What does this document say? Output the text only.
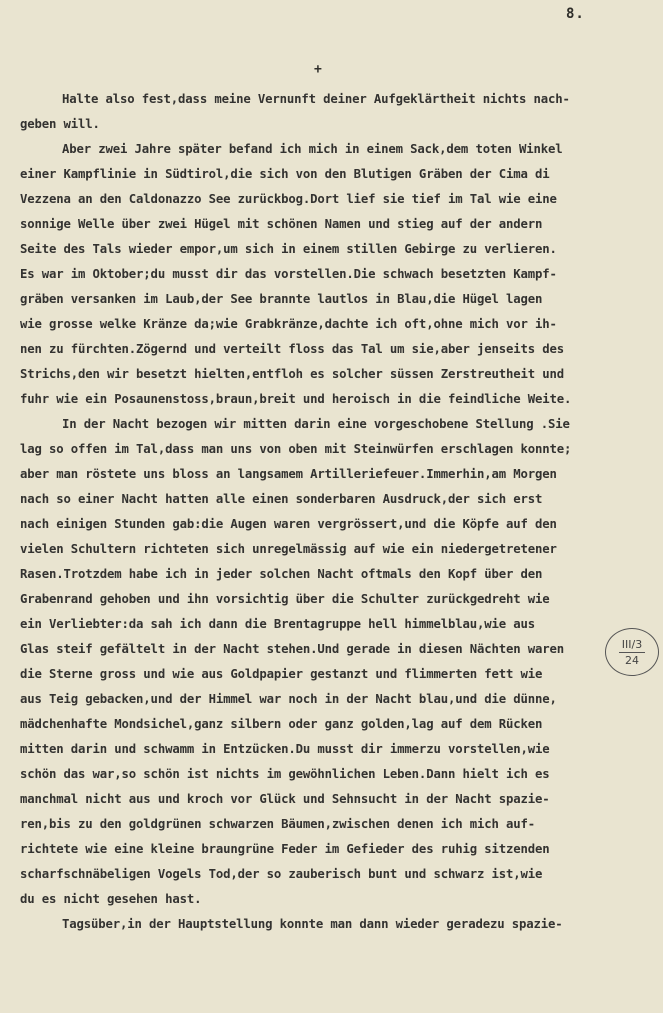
8.
+
Halte also fest,dass meine Vernunft deiner Aufgeklärtheit nichts nach-
geben will.
Aber zwei Jahre später befand ich mich in einem Sack,dem toten Winkel
einer Kampflinie in Südtirol,die sich von den Blutigen Gräben der Cima di
Vezzena an den Caldonazzo See zurückbog.Dort lief sie tief im Tal wie eine
sonnige Welle über zwei Hügel mit schönen Namen und stieg auf der andern
Seite des Tals wieder empor,um sich in einem stillen Gebirge zu verlieren.
Es war im Oktober;du musst dir das vorstellen.Die schwach besetzten Kampf-
gräben versanken im Laub,der See brannte lautlos in Blau,die Hügel lagen
wie grosse welke Kränze da;wie Grabkränze,dachte ich oft,ohne mich vor ih-
nen zu fürchten.Zögernd und verteilt floss das Tal um sie,aber jenseits des
Strichs,den wir besetzt hielten,entfloh es solcher süssen Zerstreutheit und
fuhr wie ein Posaunenstoss,braun,breit und heroisch in die feindliche Weite.
In der Nacht bezogen wir mitten darin eine vorgeschobene Stellung .Sie
lag so offen im Tal,dass man uns von oben mit Steinwürfen erschlagen konnte;
aber man röstete uns bloss an langsamem Artilleriefeuer.Immerhin,am Morgen
nach so einer Nacht hatten alle einen sonderbaren Ausdruck,der sich erst
nach einigen Stunden gab:die Augen waren vergrössert,und die Köpfe auf den
vielen Schultern richteten sich unregelmässig auf wie ein niedergetretener
Rasen.Trotzdem habe ich in jeder solchen Nacht oftmals den Kopf über den
Grabenrand gehoben und ihn vorsichtig über die Schulter zurückgedreht wie
ein Verliebter:da sah ich dann die Brentagruppe hell himmelblau,wie aus
Glas steif gefältelt in der Nacht stehen.Und gerade in diesen Nächten waren
die Sterne gross und wie aus Goldpapier gestanzt und flimmerten fett wie
aus Teig gebacken,und der Himmel war noch in der Nacht blau,und die dünne,
mädchenhafte Mondsichel,ganz silbern oder ganz golden,lag auf dem Rücken
mitten darin und schwamm in Entzücken.Du musst dir immerzu vorstellen,wie
schön das war,so schön ist nichts im gewöhnlichen Leben.Dann hielt ich es
manchmal nicht aus und kroch vor Glück und Sehnsucht in der Nacht spazie-
ren,bis zu den goldgrünen schwarzen Bäumen,zwischen denen ich mich auf-
richtete wie eine kleine braungrüne Feder im Gefieder des ruhig sitzenden
scharfschnäbeligen Vogels Tod,der so zauberisch bunt und schwarz ist,wie
du es nicht gesehen hast.
Tagsüber,in der Hauptstellung konnte man dann wieder geradezu spazie-
III/3
24
